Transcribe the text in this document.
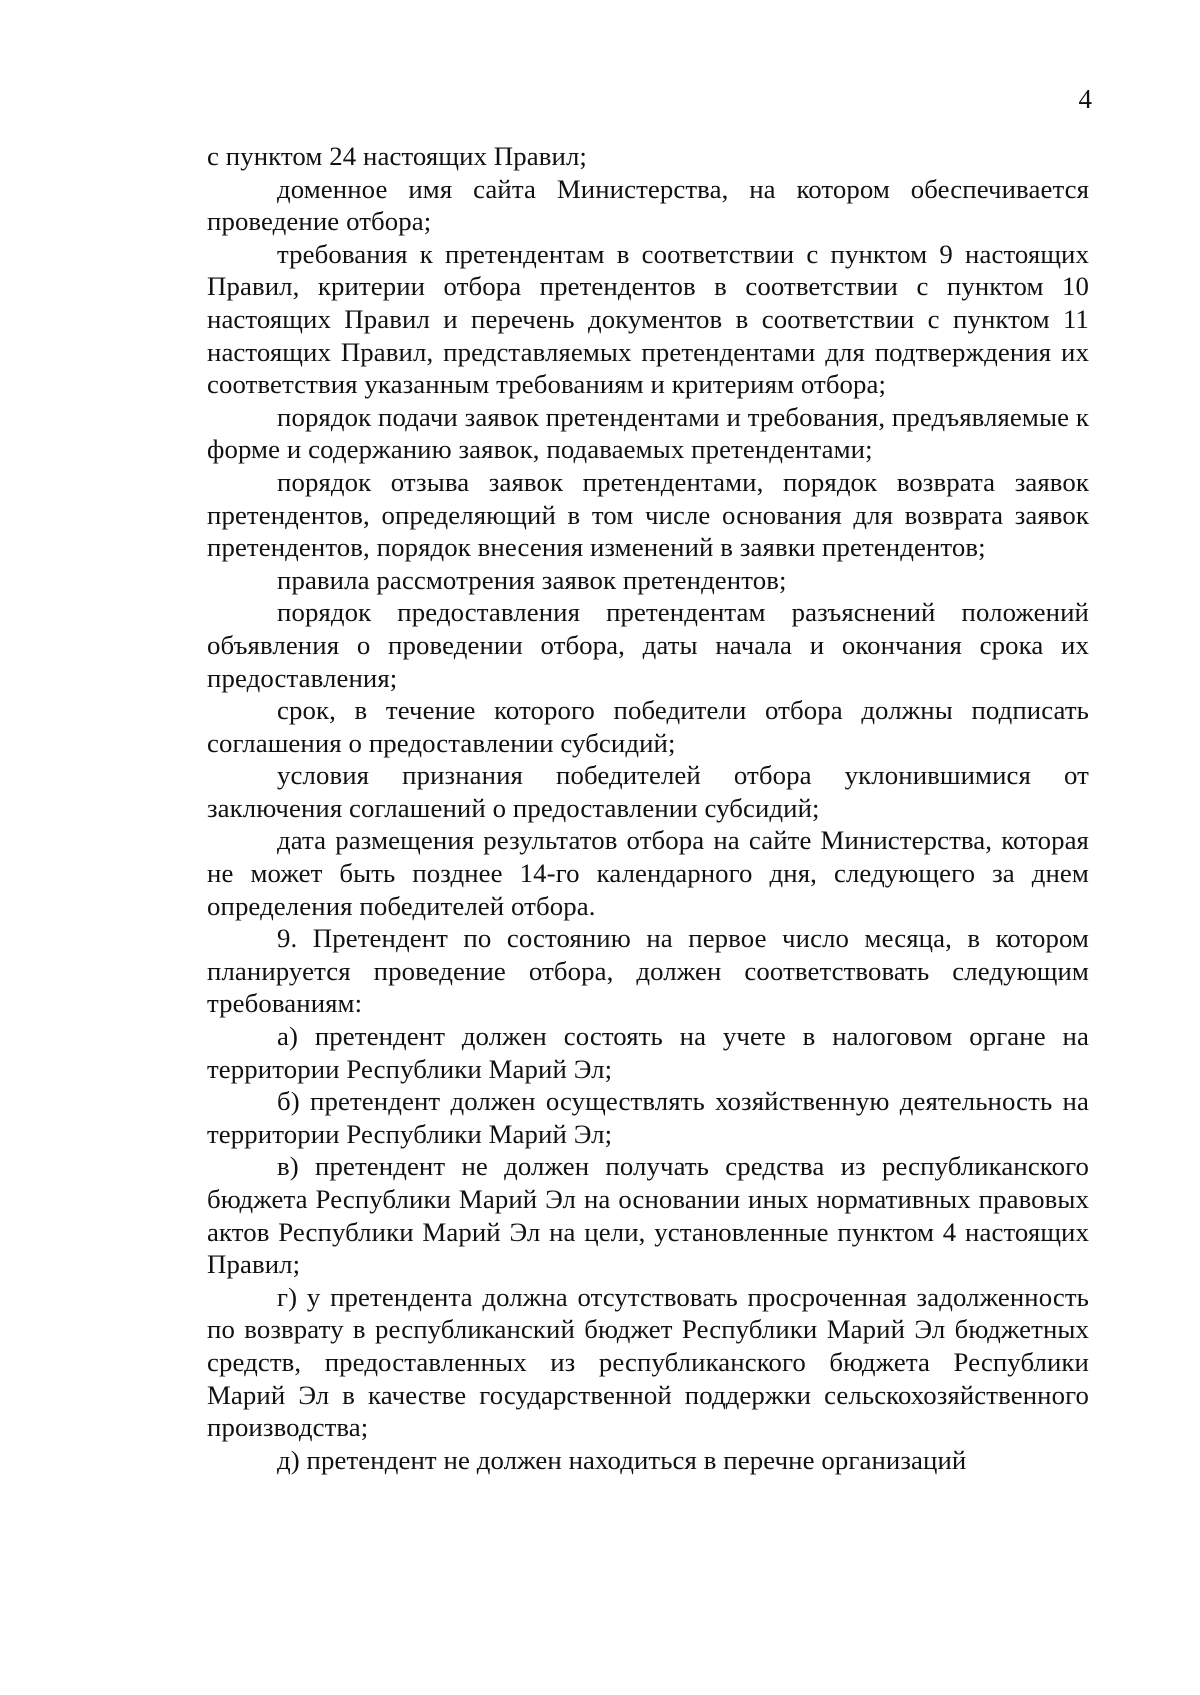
4

с пунктом 24 настоящих Правил;

доменное имя сайта Министерства, на котором обеспечивается проведение отбора;

требования к претендентам в соответствии с пунктом 9 настоящих Правил, критерии отбора претендентов в соответствии с пунктом 10 настоящих Правил и перечень документов в соответствии с пунктом 11 настоящих Правил, представляемых претендентами для подтверждения их соответствия указанным требованиям и критериям отбора;

порядок подачи заявок претендентами и требования, предъявляемые к форме и содержанию заявок, подаваемых претендентами;

порядок отзыва заявок претендентами, порядок возврата заявок претендентов, определяющий в том числе основания для возврата заявок претендентов, порядок внесения изменений в заявки претендентов;

правила рассмотрения заявок претендентов;

порядок предоставления претендентам разъяснений положений объявления о проведении отбора, даты начала и окончания срока их предоставления;

срок, в течение которого победители отбора должны подписать соглашения о предоставлении субсидий;

условия признания победителей отбора уклонившимися от заключения соглашений о предоставлении субсидий;

дата размещения результатов отбора на сайте Министерства, которая не может быть позднее 14-го календарного дня, следующего за днем определения победителей отбора.

9. Претендент по состоянию на первое число месяца, в котором планируется проведение отбора, должен соответствовать следующим требованиям:

а) претендент должен состоять на учете в налоговом органе на территории Республики Марий Эл;

б) претендент должен осуществлять хозяйственную деятельность на территории Республики Марий Эл;

в) претендент не должен получать средства из республиканского бюджета Республики Марий Эл на основании иных нормативных правовых актов Республики Марий Эл на цели, установленные пунктом 4 настоящих Правил;

г) у претендента должна отсутствовать просроченная задолженность по возврату в республиканский бюджет Республики Марий Эл бюджетных средств, предоставленных из республиканского бюджета Республики Марий Эл в качестве государственной поддержки сельскохозяйственного производства;

д) претендент не должен находиться в перечне организаций
